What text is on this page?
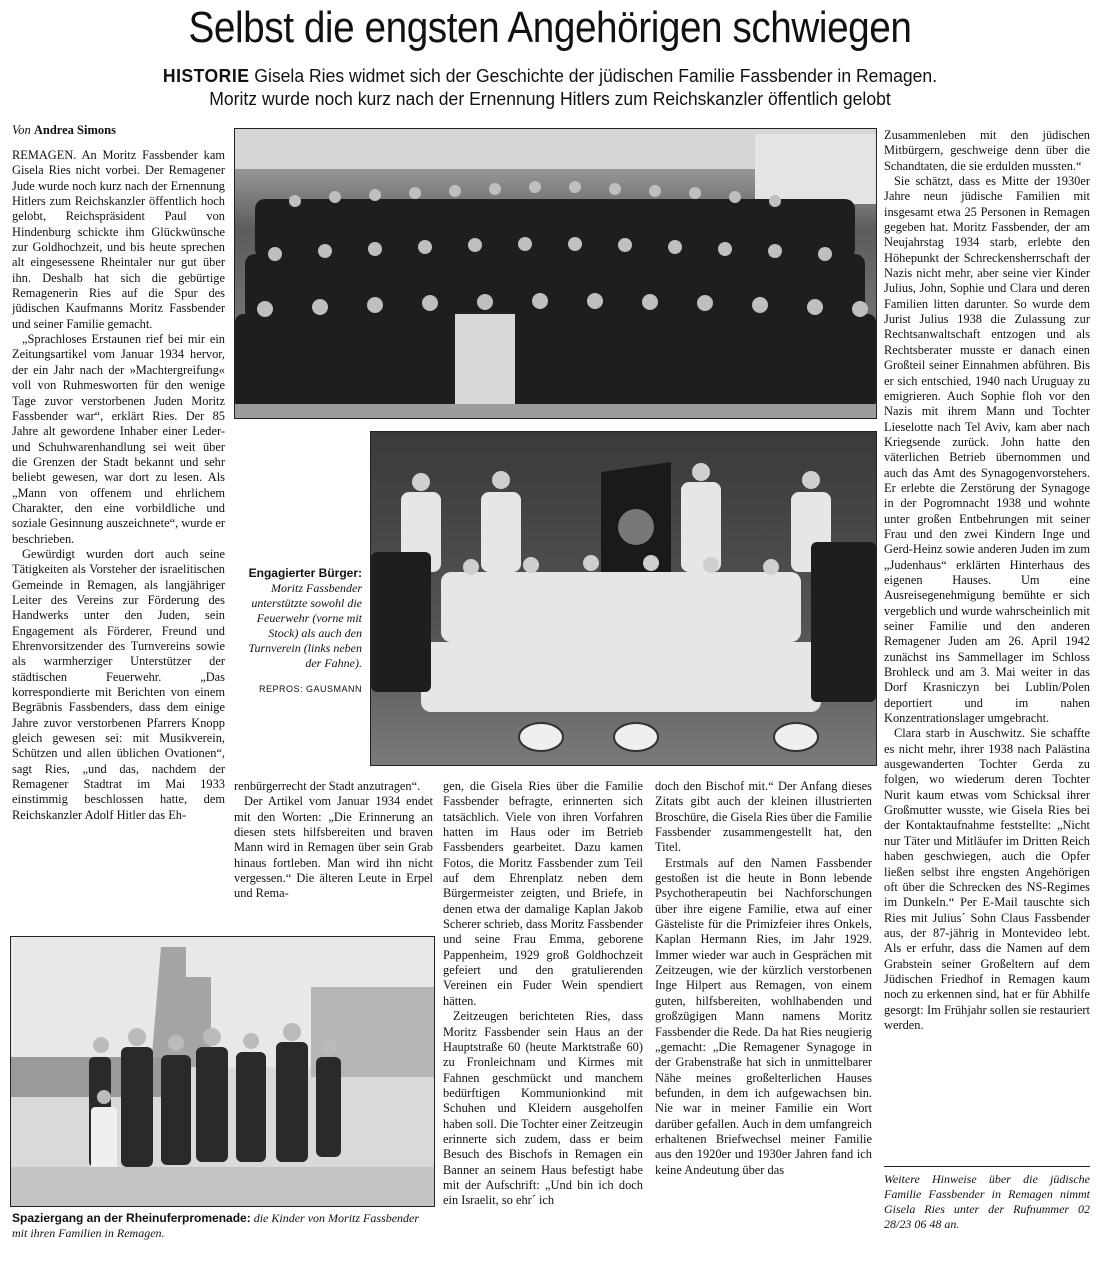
Selbst die engsten Angehörigen schwiegen
HISTORIE Gisela Ries widmet sich der Geschichte der jüdischen Familie Fassbender in Remagen.
Moritz wurde noch kurz nach der Ernennung Hitlers zum Reichskanzler öffentlich gelobt
Von Andrea Simons

REMAGEN. An Moritz Fassbender kam Gisela Ries nicht vorbei. Der Remagener Jude wurde noch kurz nach der Ernennung Hitlers zum Reichskanzler öffentlich hoch gelobt, Reichspräsident Paul von Hindenburg schickte ihm Glückwünsche zur Goldhochzeit, und bis heute sprechen alt eingesessene Rheintaler nur gut über ihn. Deshalb hat sich die gebürtige Remagenerin Ries auf die Spur des jüdischen Kaufmanns Moritz Fassbender und seiner Familie gemacht.

„Sprachloses Erstaunen rief bei mir ein Zeitungsartikel vom Januar 1934 hervor, der ein Jahr nach der »Machtergreifung« voll von Ruhmesworten für den wenige Tage zuvor verstorbenen Juden Moritz Fassbender war“, erklärt Ries. Der 85 Jahre alt gewordene Inhaber einer Leder- und Schuhwarenhandlung sei weit über die Grenzen der Stadt bekannt und sehr beliebt gewesen, war dort zu lesen. Als „Mann von offenem und ehrlichem Charakter, den eine vorbildliche und soziale Gesinnung auszeichnete“, wurde er beschrieben.

Gewürdigt wurden dort auch seine Tätigkeiten als Vorsteher der israelitischen Gemeinde in Remagen, als langjähriger Leiter des Vereins zur Förderung des Handwerks unter den Juden, sein Engagement als Förderer, Freund und Ehrenvorsitzender des Turnvereins sowie als warmherziger Unterstützer der städtischen Feuerwehr. „Das korrespondierte mit Berichten von einem Begräbnis Fassbenders, dass dem einige Jahre zuvor verstorbenen Pfarrers Knopp gleich gewesen sei: mit Musikverein, Schützen und allen üblichen Ovationen“, sagt Ries, „und das, nachdem der Remagener Stadtrat im Mai 1933 einstimmig beschlossen hatte, dem Reichskanzler Adolf Hitler das Eh-

Engagierter Bürger:
Moritz Fassbender unterstützte sowohl die Feuerwehr (vorne mit Stock) als auch den Turnverein (links neben der Fahne).
REPROS: GAUSMANN

renbürgerrecht der Stadt anzutragen“.

Der Artikel vom Januar 1934 endet mit den Worten: „Die Erinnerung an diesen stets hilfsbereiten und braven Mann wird in Remagen über sein Grab hinaus fortleben. Man wird ihn nicht vergessen.“ Die älteren Leute in Erpel und Rema-

gen, die Gisela Ries über die Familie Fassbender befragte, erinnerten sich tatsächlich. Viele von ihren Vorfahren hatten im Haus oder im Betrieb Fassbenders gearbeitet. Dazu kamen Fotos, die Moritz Fassbender zum Teil auf dem Ehrenplatz neben dem Bürgermeister zeigten, und Briefe, in denen etwa der damalige Kaplan Jakob Scherer schrieb, dass Moritz Fassbender und seine Frau Emma, geborene Pappenheim, 1929 groß Goldhochzeit gefeiert und den gratulierenden Vereinen ein Fuder Wein spendiert hätten.

Zeitzeugen berichteten Ries, dass Moritz Fassbender sein Haus an der Hauptstraße 60 (heute Marktstraße 60) zu Fronleichnam und Kirmes mit Fahnen geschmückt und manchem bedürftigen Kommunionkind mit Schuhen und Kleidern ausgeholfen haben soll. Die Tochter einer Zeitzeugin erinnerte sich zudem, dass er beim Besuch des Bischofs in Remagen ein Banner an seinem Haus befestigt habe mit der Aufschrift: „Und bin ich doch ein Israelit, so ehr´ ich

doch den Bischof mit.“ Der Anfang dieses Zitats gibt auch der kleinen illustrierten Broschüre, die Gisela Ries über die Familie Fassbender zusammengestellt hat, den Titel.

Erstmals auf den Namen Fassbender gestoßen ist die heute in Bonn lebende Psychotherapeutin bei Nachforschungen über ihre eigene Familie, etwa auf einer Gästeliste für die Primizfeier ihres Onkels, Kaplan Hermann Ries, im Jahr 1929. Immer wieder war auch in Gesprächen mit Zeitzeugen, wie der kürzlich verstorbenen Inge Hilpert aus Remagen, von einem guten, hilfsbereiten, wohlhabenden und großzügigen Mann namens Moritz Fassbender die Rede. Da hat Ries neugierig „gemacht: „Die Remagener Synagoge in der Grabenstraße hat sich in unmittelbarer Nähe meines großelterlichen Hauses befunden, in dem ich aufgewachsen bin. Nie war in meiner Familie ein Wort darüber gefallen. Auch in dem umfangreich erhaltenen Briefwechsel meiner Familie aus den 1920er und 1930er Jahren fand ich keine Andeutung über das

Zusammenleben mit den jüdischen Mitbürgern, geschweige denn über die Schandtaten, die sie erdulden mussten.“

Sie schätzt, dass es Mitte der 1930er Jahre neun jüdische Familien mit insgesamt etwa 25 Personen in Remagen gegeben hat. Moritz Fassbender, der am Neujahrstag 1934 starb, erlebte den Höhepunkt der Schreckensherrschaft der Nazis nicht mehr, aber seine vier Kinder Julius, John, Sophie und Clara und deren Familien litten darunter. So wurde dem Jurist Julius 1938 die Zulassung zur Rechtsanwaltschaft entzogen und als Rechtsberater musste er danach einen Großteil seiner Einnahmen abführen. Bis er sich entschied, 1940 nach Uruguay zu emigrieren. Auch Sophie floh vor den Nazis mit ihrem Mann und Tochter Lieselotte nach Tel Aviv, kam aber nach Kriegsende zurück. John hatte den väterlichen Betrieb übernommen und auch das Amt des Synagogenvorstehers. Er erlebte die Zerstörung der Synagoge in der Pogromnacht 1938 und wohnte unter großen Entbehrungen mit seiner Frau und den zwei Kindern Inge und Gerd-Heinz sowie anderen Juden im zum „Judenhaus“ erklärten Hinterhaus des eigenen Hauses. Um eine Ausreisegenehmigung bemühte er sich vergeblich und wurde wahrscheinlich mit seiner Familie und den anderen Remagener Juden am 26. April 1942 zunächst ins Sammellager im Schloss Brohleck und am 3. Mai weiter in das Dorf Krasniczyn bei Lublin/Polen deportiert und im nahen Konzentrationslager umgebracht.

Clara starb in Auschwitz. Sie schaffte es nicht mehr, ihrer 1938 nach Palästina ausgewanderten Tochter Gerda zu folgen, wo wiederum deren Tochter Nurit kaum etwas vom Schicksal ihrer Großmutter wusste, wie Gisela Ries bei der Kontaktaufnahme feststellte: „Nicht nur Täter und Mitläufer im Dritten Reich haben geschwiegen, auch die Opfer ließen selbst ihre engsten Angehörigen oft über die Schrecken des NS-Regimes im Dunkeln.“ Per E-Mail tauschte sich Ries mit Julius´ Sohn Claus Fassbender aus, der 87-jährig in Montevideo lebt. Als er erfuhr, dass die Namen auf dem Grabstein seiner Großeltern auf dem Jüdischen Friedhof in Remagen kaum noch zu erkennen sind, hat er für Abhilfe gesorgt: Im Frühjahr sollen sie restauriert werden.

Weitere Hinweise über die jüdische Familie Fassbender in Remagen nimmt Gisela Ries unter der Rufnummer 02 28/23 06 48 an.
Spaziergang an der Rheinuferpromenade: die Kinder von Moritz Fassbender mit ihren Familien in Remagen.
